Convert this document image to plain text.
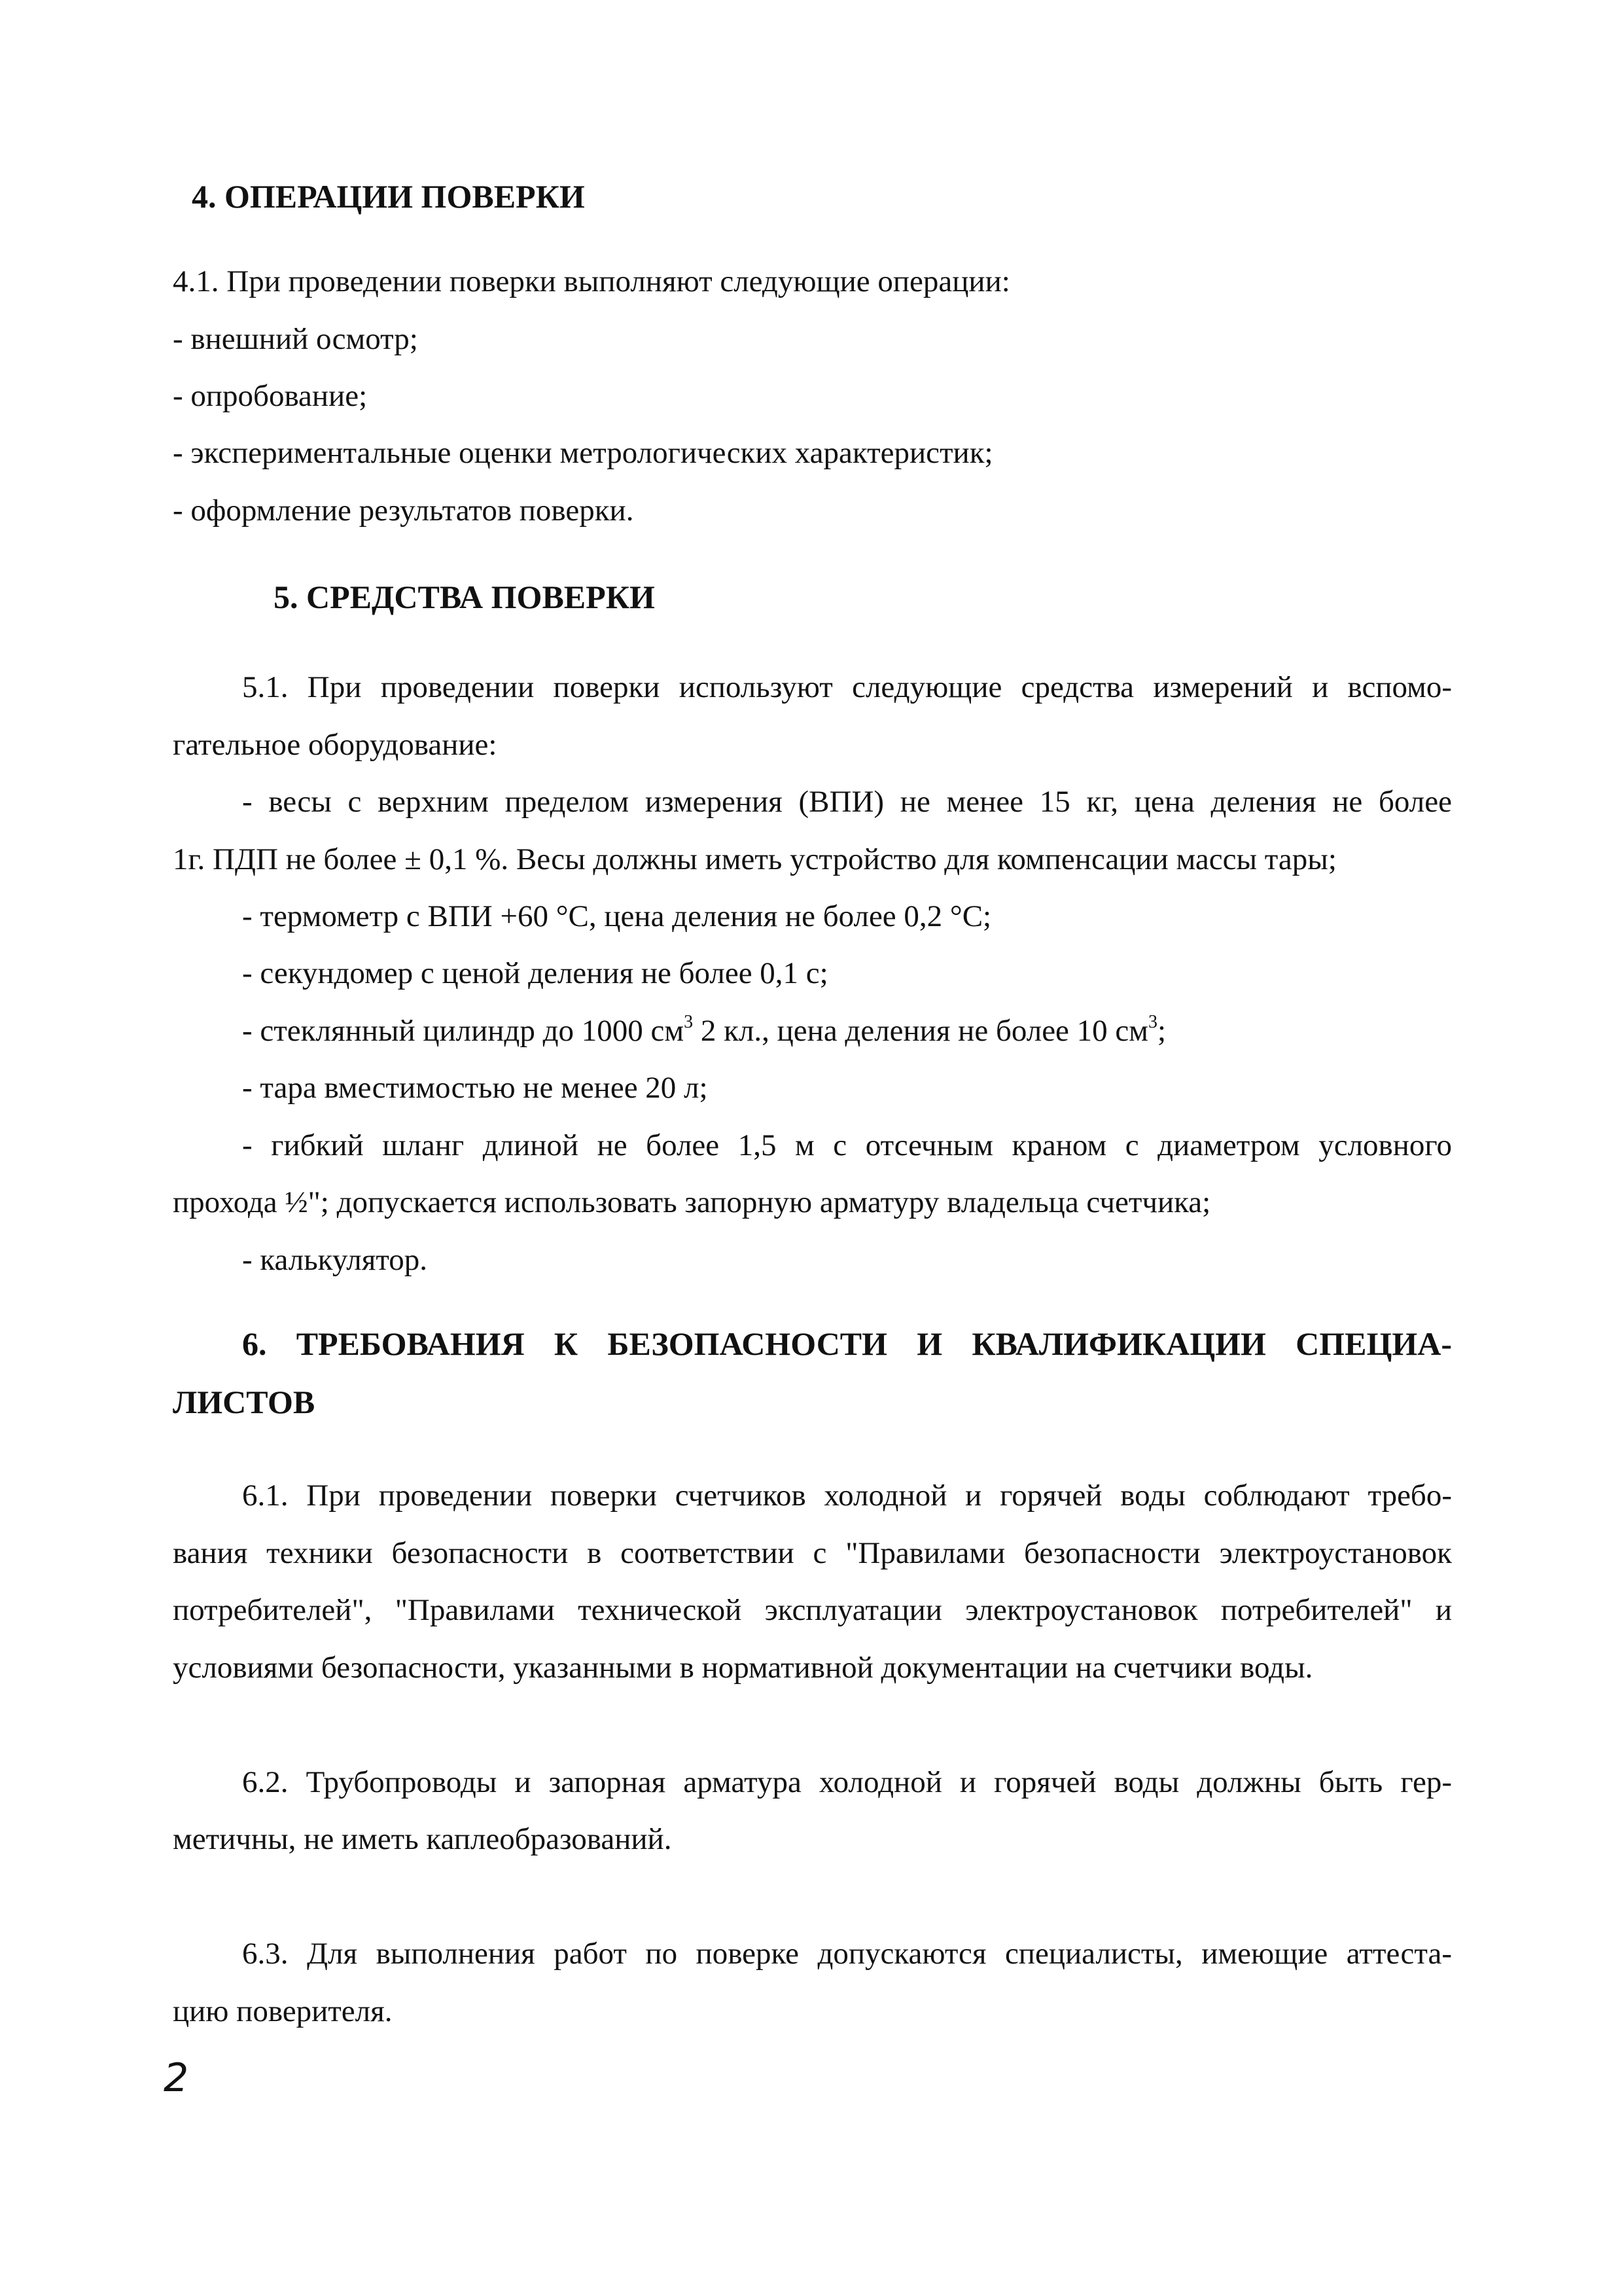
4. ОПЕРАЦИИ ПОВЕРКИ
4.1. При проведении поверки выполняют следующие операции:
- внешний осмотр;
- опробование;
- экспериментальные оценки метрологических характеристик;
- оформление результатов поверки.
5. СРЕДСТВА ПОВЕРКИ
5.1. При проведении поверки используют следующие средства измерений и вспомо-
гательное оборудование:
- весы с верхним пределом измерения (ВПИ) не менее 15 кг, цена деления не более
1г. ПДП не более ± 0,1 %. Весы должны иметь устройство для компенсации массы тары;
- термометр с ВПИ +60 °С, цена деления не более 0,2 °С;
- секундомер с ценой деления не более 0,1 с;
- стеклянный цилиндр до 1000 $см^3$ 2 кл., цена деления не более 10 $см^3$;
- тара вместимостью не менее 20 л;
- гибкий шланг длиной не более 1,5 м с отсечным краном с диаметром условного
прохода ½"; допускается использовать запорную арматуру владельца счетчика;
- калькулятор.
6. ТРЕБОВАНИЯ К БЕЗОПАСНОСТИ И КВАЛИФИКАЦИИ СПЕЦИА-
ЛИСТОВ
6.1. При проведении поверки счетчиков холодной и горячей воды соблюдают требо-
вания техники безопасности в соответствии с "Правилами безопасности электроустановок
потребителей", "Правилами технической эксплуатации электроустановок потребителей" и
условиями безопасности, указанными в нормативной документации на счетчики воды.
6.2. Трубопроводы и запорная арматура холодной и горячей воды должны быть гер-
метичны, не иметь каплеобразований.
6.3. Для выполнения работ по поверке допускаются специалисты, имеющие аттеста-
цию поверителя.
2
